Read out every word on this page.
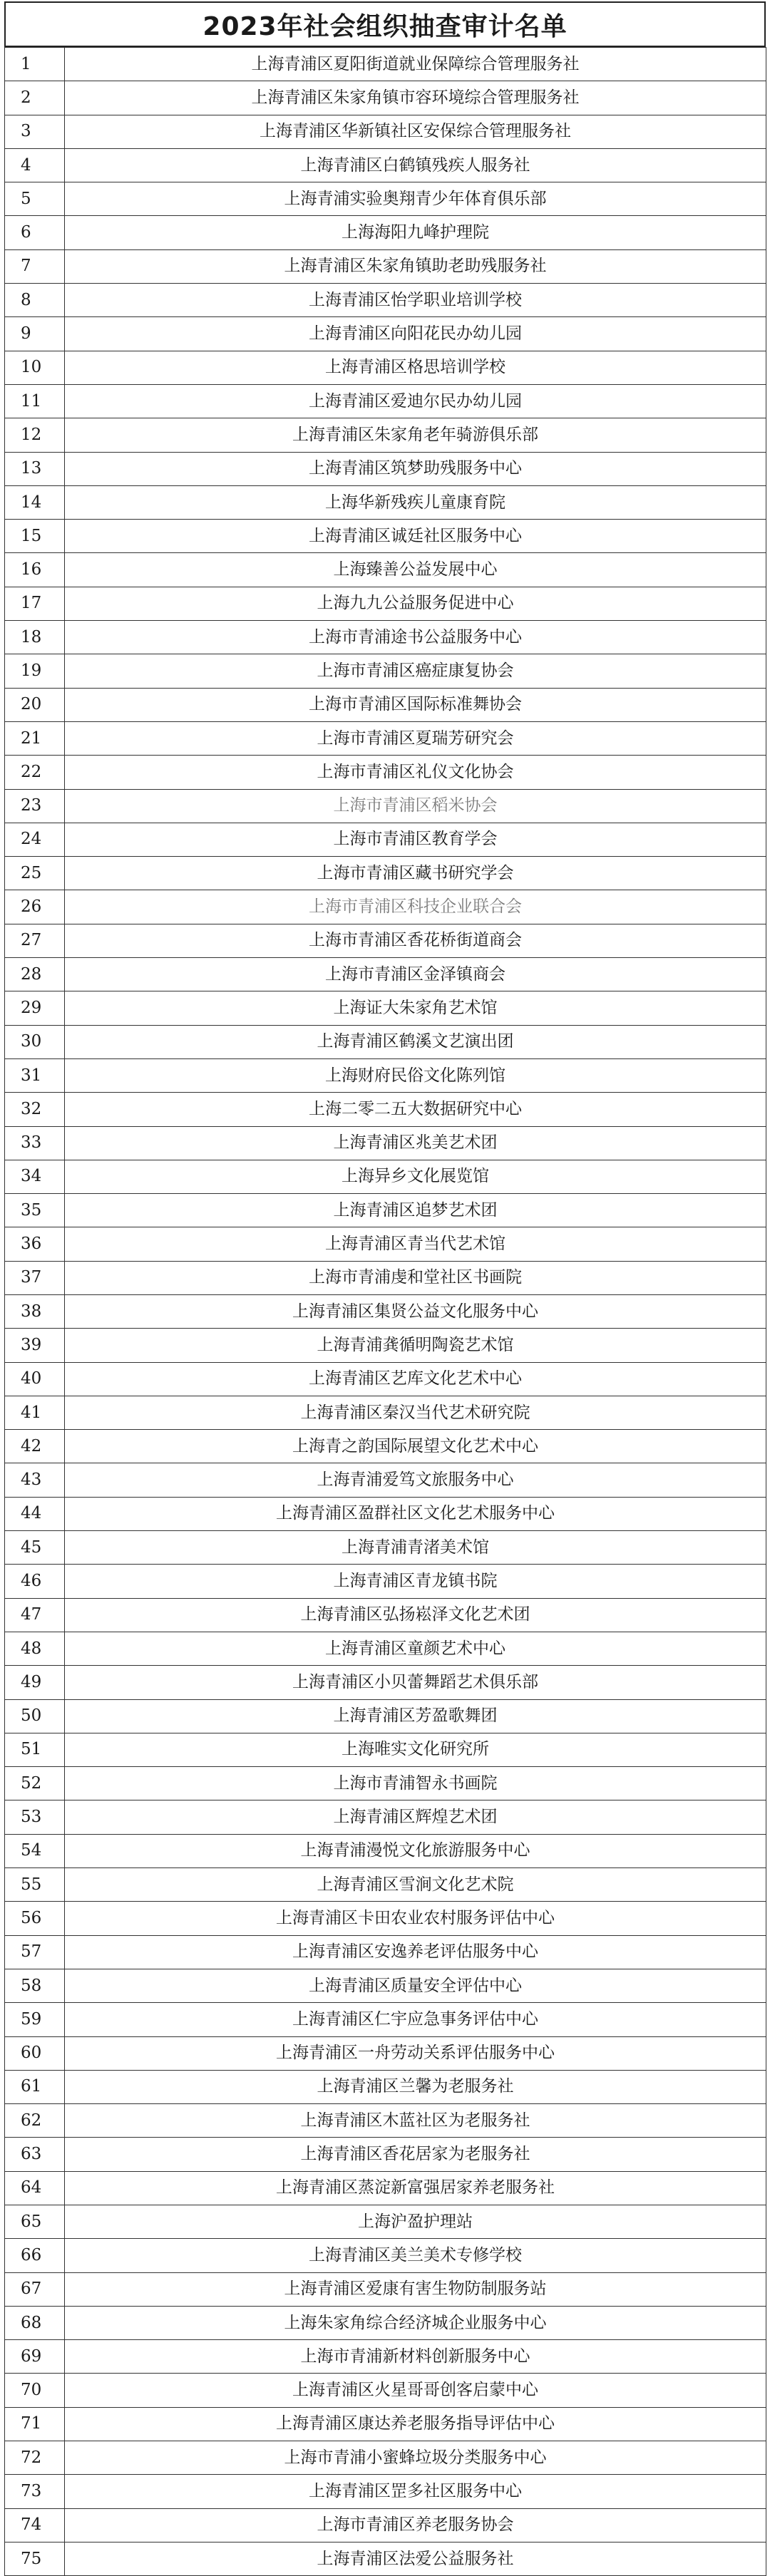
2023年社会组织抽查审计名单
1	上海青浦区夏阳街道就业保障综合管理服务社
2	上海青浦区朱家角镇市容环境综合管理服务社
3	上海青浦区华新镇社区安保综合管理服务社
4	上海青浦区白鹤镇残疾人服务社
5	上海青浦实验奥翔青少年体育俱乐部
6	上海海阳九峰护理院
7	上海青浦区朱家角镇助老助残服务社
8	上海青浦区怡学职业培训学校
9	上海青浦区向阳花民办幼儿园
10	上海青浦区格思培训学校
11	上海青浦区爱迪尔民办幼儿园
12	上海青浦区朱家角老年骑游俱乐部
13	上海青浦区筑梦助残服务中心
14	上海华新残疾儿童康育院
15	上海青浦区诚廷社区服务中心
16	上海臻善公益发展中心
17	上海九九公益服务促进中心
18	上海市青浦途书公益服务中心
19	上海市青浦区癌症康复协会
20	上海市青浦区国际标准舞协会
21	上海市青浦区夏瑞芳研究会
22	上海市青浦区礼仪文化协会
23	上海市青浦区稻米协会
24	上海市青浦区教育学会
25	上海市青浦区藏书研究学会
26	上海市青浦区科技企业联合会
27	上海市青浦区香花桥街道商会
28	上海市青浦区金泽镇商会
29	上海证大朱家角艺术馆
30	上海青浦区鹤溪文艺演出团
31	上海财府民俗文化陈列馆
32	上海二零二五大数据研究中心
33	上海青浦区兆美艺术团
34	上海异乡文化展览馆
35	上海青浦区追梦艺术团
36	上海青浦区青当代艺术馆
37	上海市青浦虔和堂社区书画院
38	上海青浦区集贤公益文化服务中心
39	上海青浦龚循明陶瓷艺术馆
40	上海青浦区艺库文化艺术中心
41	上海青浦区秦汉当代艺术研究院
42	上海青之韵国际展望文化艺术中心
43	上海青浦爱笃文旅服务中心
44	上海青浦区盈群社区文化艺术服务中心
45	上海青浦青渚美术馆
46	上海青浦区青龙镇书院
47	上海青浦区弘扬崧泽文化艺术团
48	上海青浦区童颜艺术中心
49	上海青浦区小贝蕾舞蹈艺术俱乐部
50	上海青浦区芳盈歌舞团
51	上海唯实文化研究所
52	上海市青浦智永书画院
53	上海青浦区辉煌艺术团
54	上海青浦漫悦文化旅游服务中心
55	上海青浦区雪涧文化艺术院
56	上海青浦区卡田农业农村服务评估中心
57	上海青浦区安逸养老评估服务中心
58	上海青浦区质量安全评估中心
59	上海青浦区仁宇应急事务评估中心
60	上海青浦区一舟劳动关系评估服务中心
61	上海青浦区兰馨为老服务社
62	上海青浦区木蓝社区为老服务社
63	上海青浦区香花居家为老服务社
64	上海青浦区蒸淀新富强居家养老服务社
65	上海沪盈护理站
66	上海青浦区美兰美术专修学校
67	上海青浦区爱康有害生物防制服务站
68	上海朱家角综合经济城企业服务中心
69	上海市青浦新材料创新服务中心
70	上海青浦区火星哥哥创客启蒙中心
71	上海青浦区康达养老服务指导评估中心
72	上海市青浦小蜜蜂垃圾分类服务中心
73	上海青浦区罡多社区服务中心
74	上海市青浦区养老服务协会
75	上海青浦区法爱公益服务社
